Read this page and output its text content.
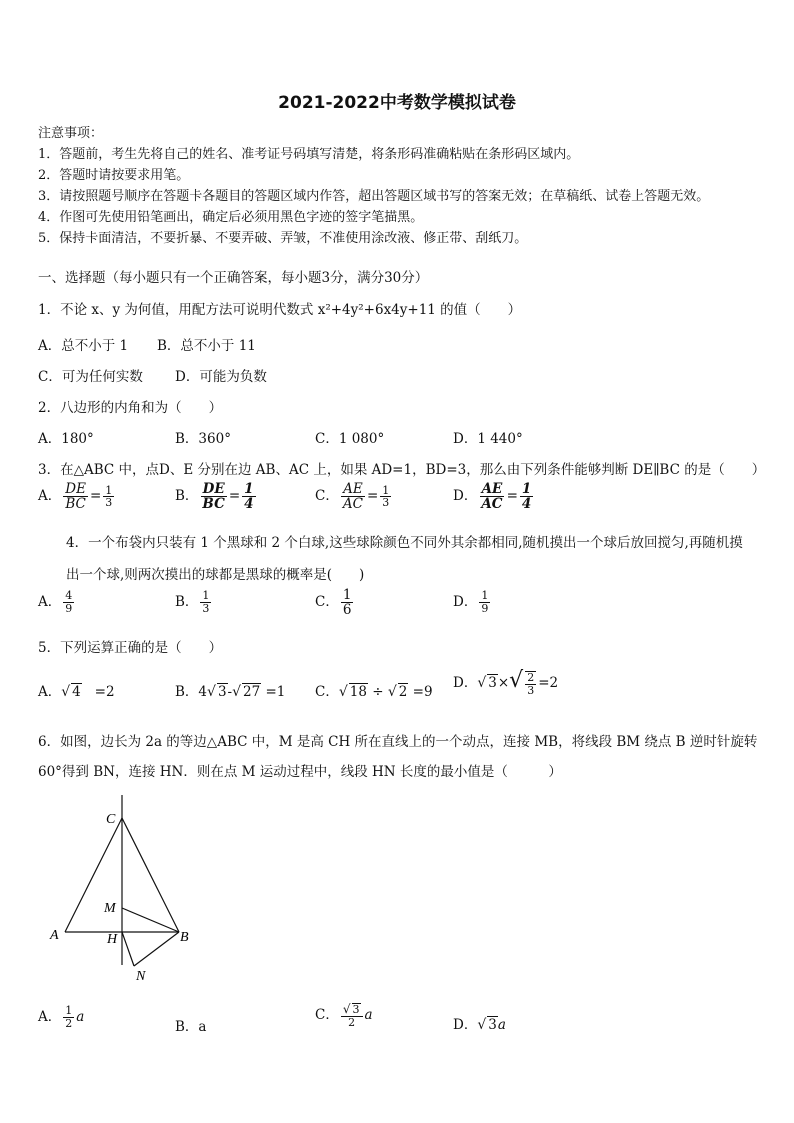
2021-2022中考数学模拟试卷
注意事项：
1．答题前，考生先将自己的姓名、准考证号码填写清楚，将条形码准确粘贴在条形码区域内。
2．答题时请按要求用笔。
3．请按照题号顺序在答题卡各题目的答题区域内作答，超出答题区域书写的答案无效；在草稿纸、试卷上答题无效。
4．作图可先使用铅笔画出，确定后必须用黑色字迹的签字笔描黑。
5．保持卡面清洁，不要折暴、不要弄破、弄皱，不准使用涂改液、修正带、刮纸刀。
一、选择题（每小题只有一个正确答案，每小题3分，满分30分）
1．不论 x、y 为何值，用配方法可说明代数式 x²+4y²+6x4y+11 的值（　　）
A．总不小于 1 B．总不小于 11
C．可为任何实数 D．可能为负数
2．八边形的内角和为（　　）
A．180°	B．360°	C．1 080°	D．1 440°
3．在△ABC 中，点D、E 分别在边 AB、AC 上，如果 AD=1，BD=3，那么由下列条件能够判断 DE∥BC 的是（　　）
A． $\frac{DE}{BC} = \frac{1}{3}$	B． $\frac{DE}{BC} = \frac{1}{4}$	C． $\frac{AE}{AC} = \frac{1}{3}$	D． $\frac{AE}{AC} = \frac{1}{4}$
4．一个布袋内只装有 1 个黑球和 2 个白球,这些球除颜色不同外其余都相同,随机摸出一个球后放回搅匀,再随机摸
出一个球,则两次摸出的球都是黑球的概率是(　　)
A． $\frac{4}{9}$	B． $\frac{1}{3}$	C． $\frac{1}{6}$	D． $\frac{1}{9}$
5．下列运算正确的是（　　）
A．√ 4 =2	B．4√ 3-√ 27 =1 C．√ 18 ÷ √ 2 =9
D．√ $3\times√ \frac{2}{3} =2$
6．如图，边长为 2a 的等边△ABC 中，M 是高 CH 所在直线上的一个动点，连接 MB，将线段 BM 绕点 B 逆时针旋转
60°得到 BN，连接 HN．则在点 M 运动过程中，线段 HN 长度的最小值是（　　　）
C
M
A	H	B
N
A． $\frac{1}{2}$ a
B．a
C． $\frac{√ 3}{2}$ a
D．√ 3a
